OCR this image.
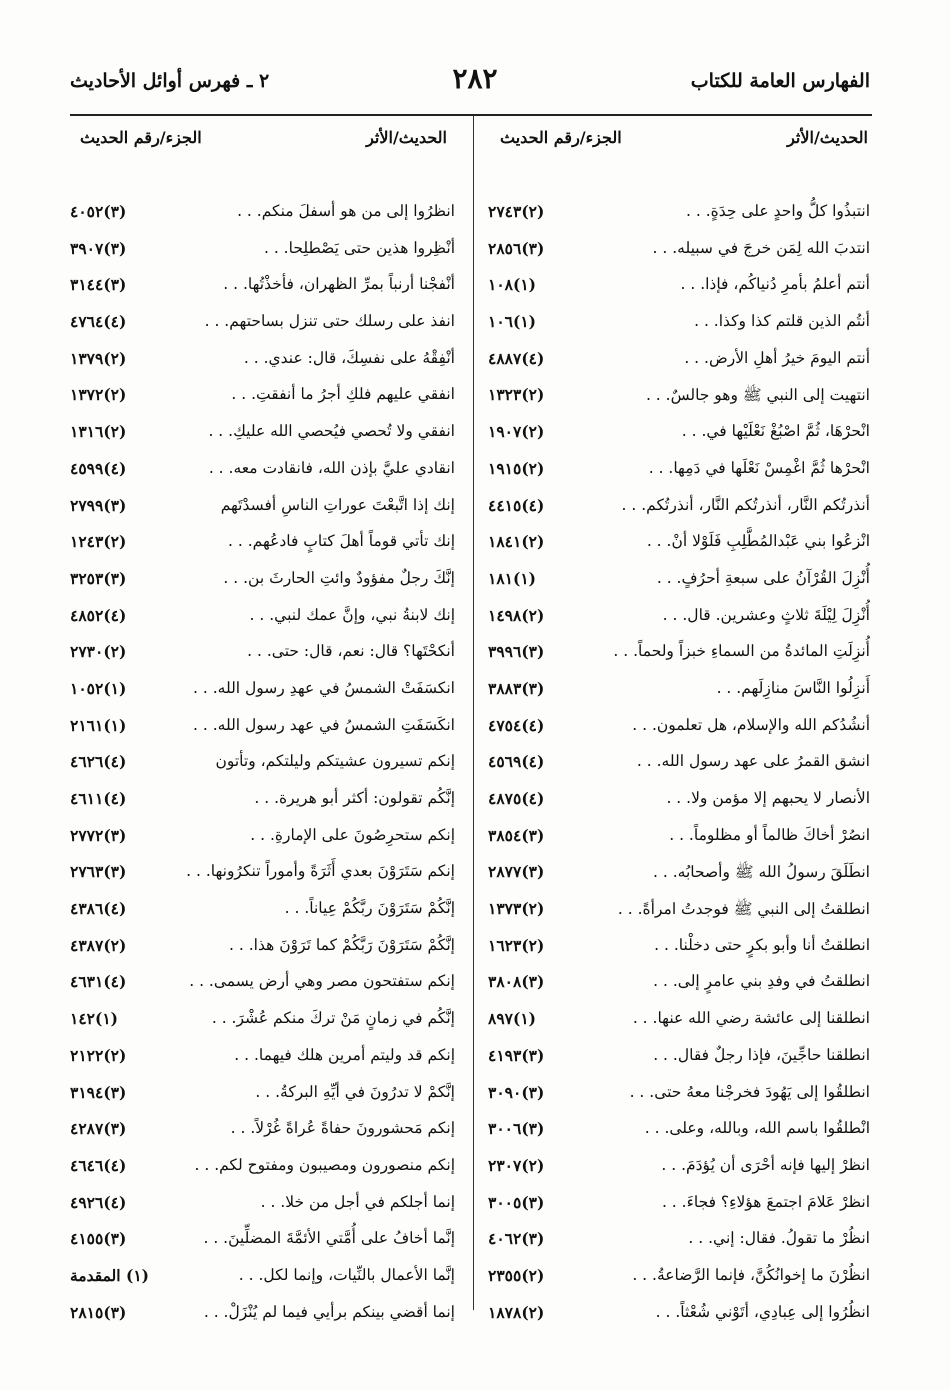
الفهارس العامة للكتاب
٢٨٢
٢ ـ فهرس أوائل الأحاديث
الحديث/الأثر
الجزء/رقم الحديث
الحديث/الأثر
الجزء/رقم الحديث
انتبذُوا كلُّ واحدٍ على حِدَةٍ. . .
(٢)٢٧٤٣
انتدبَ الله لِمَن خرجَ في سبيله. . .
(٣)٢٨٥٦
أنتم أعلمُ بأمرِ دُنياكُم، فإذا. . .
(١)١٠٨
أنتُم الذين قلتم كذا وكذا. . .
(١)١٠٦
أنتم اليومَ خيرُ أهلِ الأرض. . .
(٤)٤٨٨٧
انتهيت إلى النبي ﷺ وهو جالسٌ. . .
(٢)١٣٢٣
انْحرْهَا، ثُمَّ اصْبُغْ نَعْلَيْها في. . .
(٢)١٩٠٧
انْحرْها ثُمَّ اغْمِسْ نَعْلَها في دَمِها. . .
(٢)١٩١٥
أنذرتُكم النَّار، أنذرتُكم النَّار، أنذرتُكم. . .
(٤)٤٤١٥
انْزعُوا بني عَبْدالمُطَّلِبِ فَلَوْلا أنْ. . .
(٢)١٨٤١
أُنْزِلَ القُرْآنُ على سبعةِ أحرُفٍ. . .
(١)١٨١
أُنْزِلَ لِيْلَةَ ثلاثٍ وعشرين. قال. . .
(٢)١٤٩٨
أُنزِلَتِ المائدةُ من السماءِ خبزاً ولحماً. . .
(٣)٣٩٩٦
أَنزِلُوا النَّاسَ منازِلَهم. . .
(٣)٣٨٨٣
أنشُدُكم الله والإسلام، هل تعلمون. . .
(٤)٤٧٥٤
انشق القمرُ على عهد رسول الله. . .
(٤)٤٥٦٩
الأنصار لا يحبهم إلا مؤمن ولا. . .
(٤)٤٨٧٥
انصُرْ أخاكَ ظالماً أو مظلوماً. . .
(٣)٣٨٥٤
انطَلَقَ رسولُ الله ﷺ وأصحابُه. . .
(٣)٢٨٧٧
انطلقتُ إلى النبي ﷺ فوجدتُ امرأةً. . .
(٢)١٣٧٣
انطلقتُ أنا وأبو بكرٍ حتى دخلْنا. . .
(٢)١٦٢٣
انطلقتُ في وفدِ بني عامرٍ إلى. . .
(٣)٣٨٠٨
انطلقنا إلى عائشة رضي الله عنها. . .
(١)٨٩٧
انطلقنا حاجِّينَ، فإذا رجلٌ فقال. . .
(٣)٤١٩٣
انطلقُوا إلى يَهُودَ فخرجْنا معهُ حتى. . .
(٣)٣٠٩٠
انْطلقُوا باسم الله، وبالله، وعلى. . .
(٣)٣٠٠٦
انظرْ إليها فإنه أحْرَى أن يُؤدَمَ. . .
(٢)٢٣٠٧
انظرْ عَلامَ اجتمعَ هؤلاءِ؟ فجاءَ. . .
(٣)٣٠٠٥
انظُرْ ما تقولُ. فقال: إني. . .
(٣)٤٠٦٢
انظُرْنَ ما إخوانُكُنَّ، فإنما الرَّضاعةُ. . .
(٢)٢٣٥٥
انظُرُوا إلى عِبادِي، أتَوْني شُعْثاً. . .
(٢)١٨٧٨
انظرُوا إلى من هو أسفلَ منكم. . .
(٣)٤٠٥٢
أنْظِروا هذين حتى يَصْطلِحا. . .
(٣)٣٩٠٧
أنْفجْنا أرنباً بمرِّ الظهران، فأخذْتُها. . .
(٣)٣١٤٤
انفذ على رسلك حتى تنزل بساحتهم. . .
(٤)٤٧٦٤
أنْفِقْهُ على نفسِكَ، قال: عندي. . .
(٢)١٣٧٩
انفقي عليهم فلكِ أجرُ ما أنفقتِ. . .
(٢)١٣٧٢
انفقي ولا تُحصي فيُحصي الله عليكِ. . .
(٢)١٣١٦
انقادي عليَّ بإذن الله، فانقادت معه. . .
(٤)٤٥٩٩
إنك إذا اتَّبعْتَ عوراتِ الناسِ أفسدْتَهم
(٣)٢٧٩٩
إنك تأتي قوماً أهلَ كتابٍ فادعُهم. . .
(٢)١٢٤٣
إنَّكَ رجلٌ مفؤودٌ وائتِ الحارثَ بن. . .
(٣)٣٢٥٣
إنك لابنةُ نبي، وإنَّ عمك لنبي. . .
(٤)٤٨٥٢
أنكحْتَها؟ قال: نعم، قال: حتى. . .
(٢)٢٧٣٠
انكسَفَتْ الشمسُ في عهدِ رسول الله. . .
(١)١٠٥٢
انكَسَفَتِ الشمسُ في عهد رسول الله. . .
(١)٢١٦١
إنكم تسيرون عشيتكم وليلتكم، وتأتون
(٤)٤٦٢٦
إنَّكُم تقولون: أكثر أبو هريرة. . .
(٤)٤٦١١
إنكم ستحرِصُونَ على الإمارةِ. . .
(٣)٢٧٧٢
إنكم سَتَرَوْنَ بعدي أَثَرَةً وأموراً تنكرُونها. . .
(٣)٢٧٦٣
إنَّكُمْ سَتَرَوْنَ ربَّكُمْ عِياناً. . .
(٤)٤٣٨٦
إنَّكُمْ سَتَرَوْنَ رَبَّكُمْ كما تَرَوْنَ هذا. . .
(٢)٤٣٨٧
إنكم ستفتحون مصر وهي أرض يسمى. . .
(٤)٤٦٣١
إنَّكُم في زمانٍ مَنْ تركَ منكم عُشْرَ. . .
(١)١٤٢
إنكم قد وليتم أمرين هلك فيهما. . .
(٢)٢١٢٢
إنَّكمْ لا تدرُونَ في أيِّهِ البركةُ. . .
(٣)٣١٩٤
إنكم مَحشورونَ حفاةً عُراةً غُرْلاً. . .
(٣)٤٢٨٧
إنكم منصورون ومصيبون ومفتوح لكم. . .
(٤)٤٦٤٦
إنما أجلكم في أجل من خلا. . .
(٤)٤٩٢٦
إنَّما أخافُ على أُمَّتي الأئمَّةَ المضلِّينَ. . .
(٣)٤١٥٥
إنَّما الأعمال بالنِّيات، وإنما لكل. . .
(١) المقدمة
إنما أقضي بينكم برأيي فيما لم يُنْزَلْ. . .
(٣)٢٨١٥
